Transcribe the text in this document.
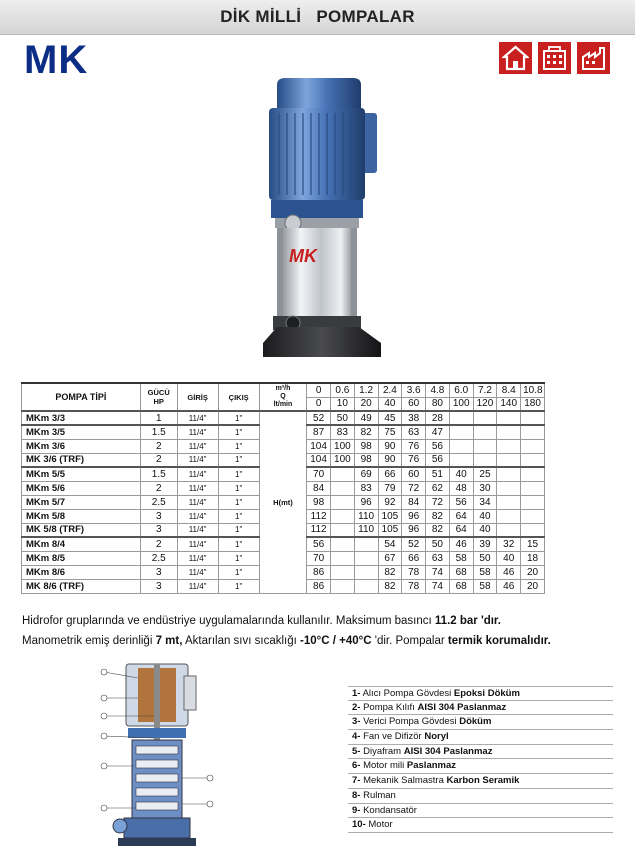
DİK MİLLİ   POMPALAR
MK
MK
POMPA TİPİ	GÜCÜ
HP	GİRİŞ	ÇIKIŞ	m³/h
Q
lt/min	0	0.6	1.2	2.4	3.6	4.8	6.0	7.2	8.4	10.8
					0	10	20	40	60	80	100	120	140	180
MKm 3/3	1	11/4"	1"	H(mt)	52	50	49	45	38	28				
MKm 3/5	1.5	11/4"	1"		87	83	82	75	63	47				
MKm 3/6	2	11/4"	1"		104	100	98	90	76	56				
MK 3/6 (TRF)	2	11/4"	1"		104	100	98	90	76	56				
MKm 5/5	1.5	11/4"	1"		70		69	66	60	51	40	25		
MKm 5/6	2	11/4"	1"		84		83	79	72	62	48	30		
MKm 5/7	2.5	11/4"	1"		98		96	92	84	72	56	34		
MKm 5/8	3	11/4"	1"		112		110	105	96	82	64	40		
MK 5/8 (TRF)	3	11/4"	1"		112		110	105	96	82	64	40		
MKm 8/4	2	11/4"	1"		56			54	52	50	46	39	32	15
MKm 8/5	2.5	11/4"	1"		70			67	66	63	58	50	40	18
MKm 8/6	3	11/4"	1"		86			82	78	74	68	58	46	20
MK 8/6 (TRF)	3	11/4"	1"		86			82	78	74	68	58	46	20
Hidrofor gruplarında ve endüstriye uygulamalarında kullanılır. Maksimum basıncı 11.2 bar 'dır.
Manometrik emiş derinliği 7 mt, Aktarılan sıvı sıcaklığı -10°C / +40°C 'dir. Pompalar termik korumalıdır.
1- Alıcı Pompa Gövdesi Epoksi Döküm
2- Pompa Kılıfı AISI 304 Paslanmaz
3- Verici Pompa Gövdesi Döküm
4- Fan ve Difizör Noryl
5- Diyafram AISI 304 Paslanmaz
6- Motor mili Paslanmaz
7- Mekanik Salmastra Karbon Seramik
8- Rulman
9- Kondansatör
10- Motor
